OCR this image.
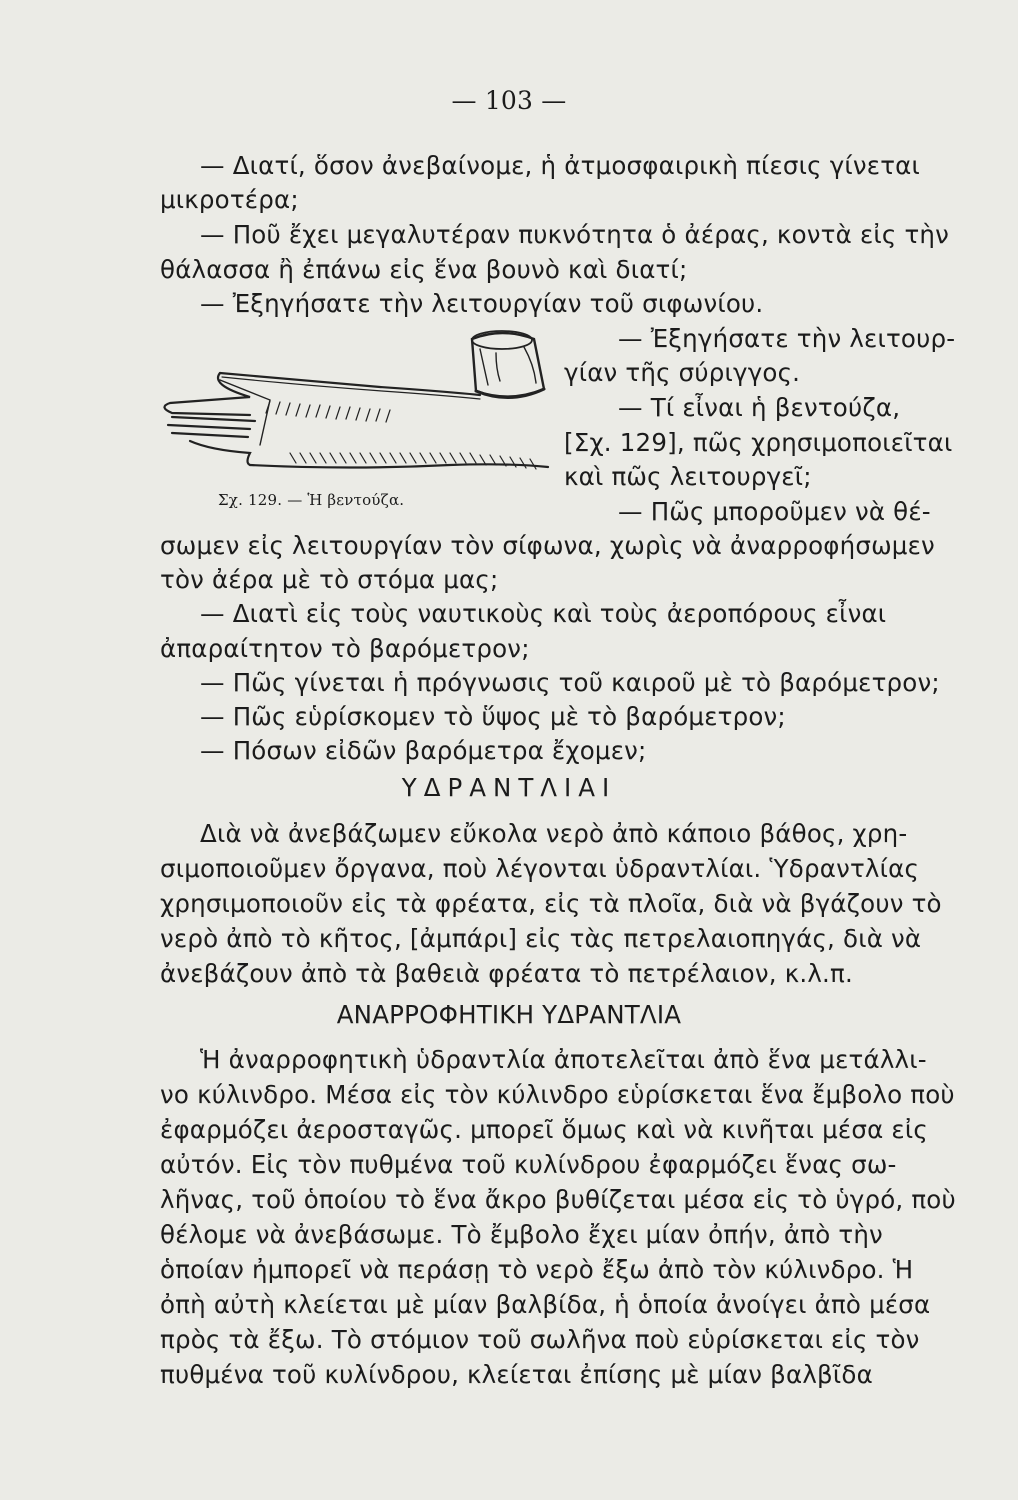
— 103 —
— Διατί, ὅσον ἀνεβαίνομε, ἡ ἀτμοσφαιρικὴ πίεσις γίνεται
μικροτέρα;
— Ποῦ ἔχει μεγαλυτέραν πυκνότητα ὁ ἀέρας, κοντὰ εἰς τὴν
θάλασσα ἢ ἐπάνω εἰς ἕνα βουνὸ καὶ διατί;
— Ἐξηγήσατε τὴν λειτουργίαν τοῦ σιφωνίου.
— Ἐξηγήσατε τὴν λειτουρ-
γίαν τῆς σύριγγος.
— Τί εἶναι ἡ βεντούζα,
[Σχ. 129], πῶς χρησιμοποιεῖται
καὶ πῶς λειτουργεῖ;
— Πῶς μποροῦμεν νὰ θέ-
Σχ. 129. — Ἡ βεντούζα.
σωμεν εἰς λειτουργίαν τὸν σίφωνα, χωρὶς νὰ ἀναρροφήσωμεν
τὸν ἀέρα μὲ τὸ στόμα μας;
— Διατὶ εἰς τοὺς ναυτικοὺς καὶ τοὺς ἀεροπόρους εἶναι
ἀπαραίτητον τὸ βαρόμετρον;
— Πῶς γίνεται ἡ πρόγνωσις τοῦ καιροῦ μὲ τὸ βαρόμετρον;
— Πῶς εὑρίσκομεν τὸ ὕψος μὲ τὸ βαρόμετρον;
— Πόσων εἰδῶν βαρόμετρα ἔχομεν;
ΥΔΡΑΝΤΛΙΑΙ
Διὰ νὰ ἀνεβάζωμεν εὔκολα νερὸ ἀπὸ κάποιο βάθος, χρη-
σιμοποιοῦμεν ὄργανα, ποὺ λέγονται ὑδραντλίαι. Ὑδραντλίας
χρησιμοποιοῦν εἰς τὰ φρέατα, εἰς τὰ πλοῖα, διὰ νὰ βγάζουν τὸ
νερὸ ἀπὸ τὸ κῆτος, [ἀμπάρι] εἰς τὰς πετρελαιοπηγάς, διὰ νὰ
ἀνεβάζουν ἀπὸ τὰ βαθειὰ φρέατα τὸ πετρέλαιον, κ.λ.π.
ΑΝΑΡΡΟΦΗΤΙΚΗ ΥΔΡΑΝΤΛΙΑ
Ἡ ἀναρροφητικὴ ὑδραντλία ἀποτελεῖται ἀπὸ ἕνα μετάλλι-
νο κύλινδρο. Μέσα εἰς τὸν κύλινδρο εὑρίσκεται ἕνα ἔμβολο ποὺ
ἐφαρμόζει ἀεροσταγῶς. μπορεῖ ὅμως καὶ νὰ κινῆται μέσα εἰς
αὐτόν. Εἰς τὸν πυθμένα τοῦ κυλίνδρου ἐφαρμόζει ἕνας σω-
λῆνας, τοῦ ὁποίου τὸ ἕνα ἄκρο βυθίζεται μέσα εἰς τὸ ὑγρό, ποὺ
θέλομε νὰ ἀνεβάσωμε. Τὸ ἔμβολο ἔχει μίαν ὀπήν, ἀπὸ τὴν
ὁποίαν ἠμπορεῖ νὰ περάσῃ τὸ νερὸ ἔξω ἀπὸ τὸν κύλινδρο. Ἡ
ὀπὴ αὐτὴ κλείεται μὲ μίαν βαλβίδα, ἡ ὁποία ἀνοίγει ἀπὸ μέσα
πρὸς τὰ ἔξω. Τὸ στόμιον τοῦ σωλῆνα ποὺ εὑρίσκεται εἰς τὸν
πυθμένα τοῦ κυλίνδρου, κλείεται ἐπίσης μὲ μίαν βαλβῖδα
